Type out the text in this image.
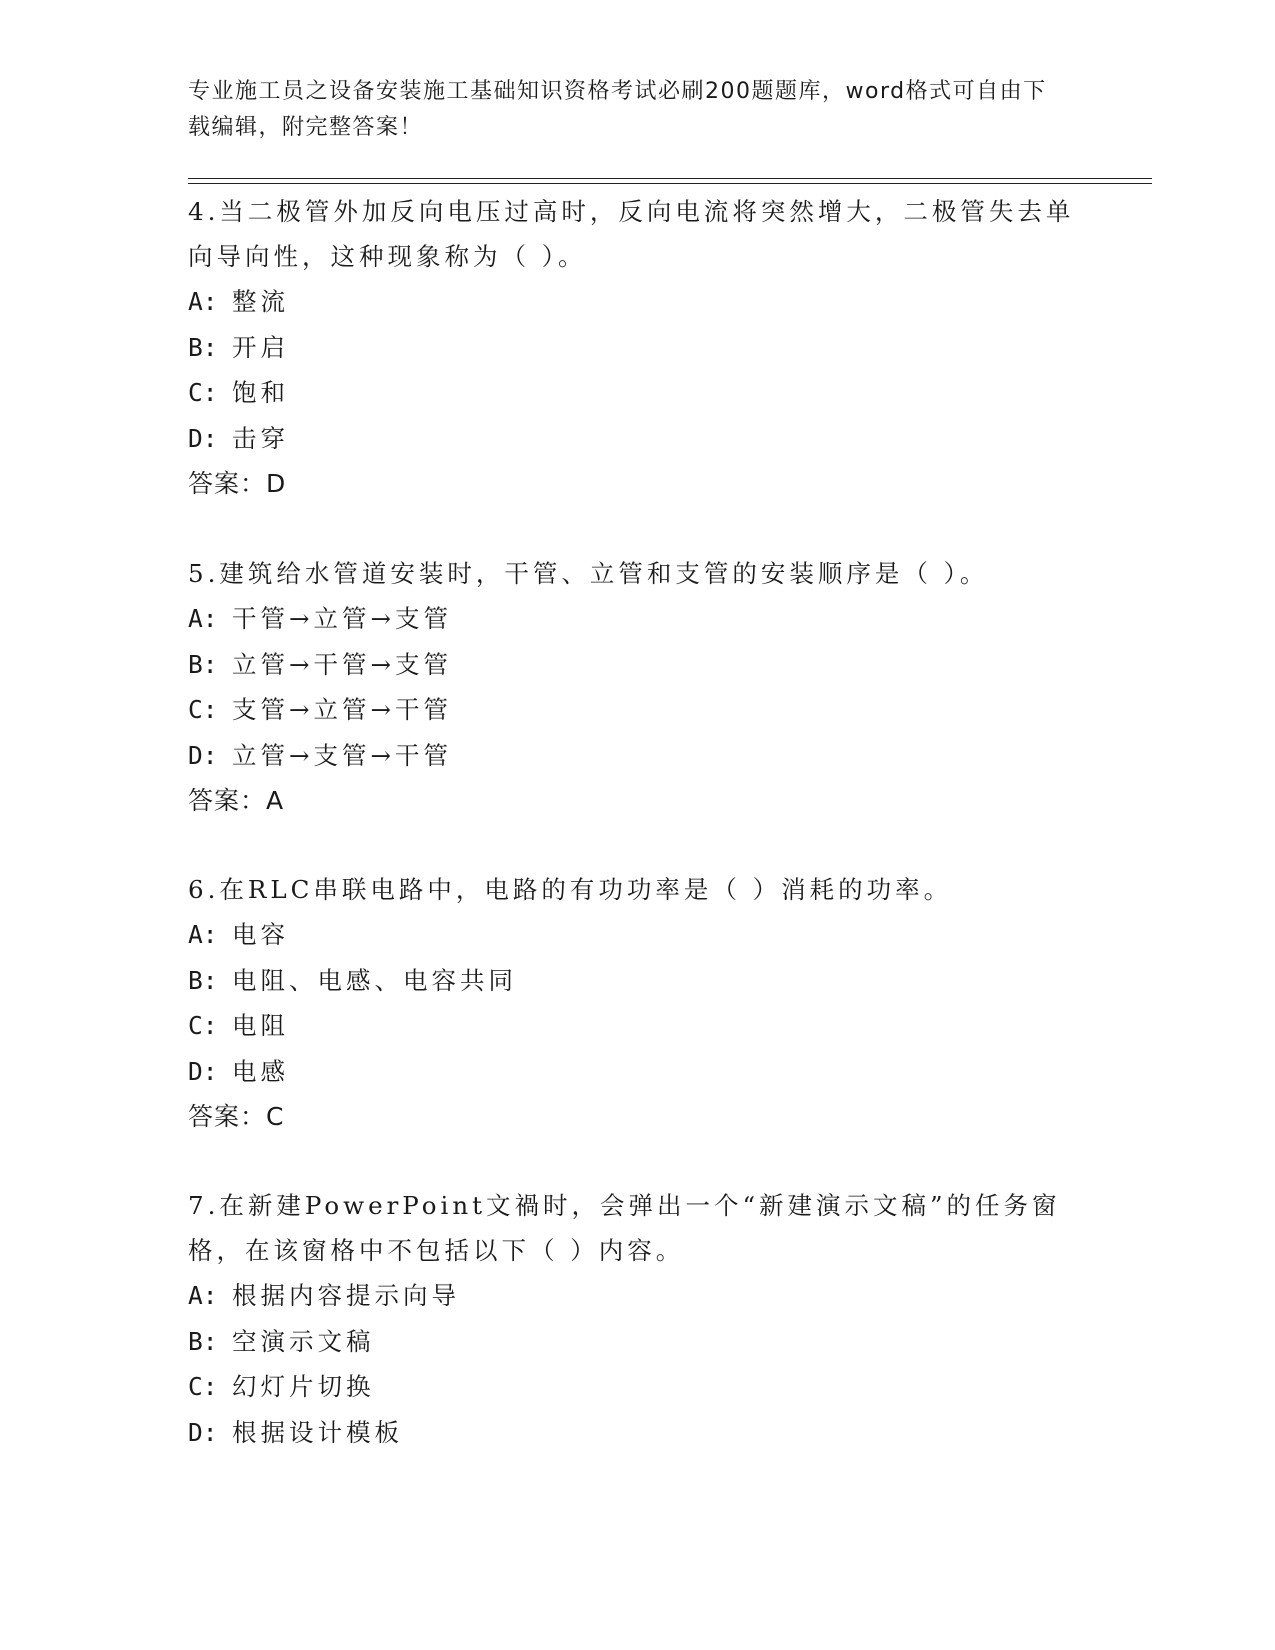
专业施工员之设备安装施工基础知识资格考试必刷200题题库，word格式可自由下载编辑，附完整答案！
4.当二极管外加反向电压过高时，反向电流将突然增大，二极管失去单向导向性，这种现象称为（ ）。
A: 整流
B: 开启
C: 饱和
D: 击穿
答案：D
5.建筑给水管道安装时，干管、立管和支管的安装顺序是（ ）。
A: 干管→立管→支管
B: 立管→干管→支管
C: 支管→立管→干管
D: 立管→支管→干管
答案：A
6.在RLC串联电路中，电路的有功功率是（ ）消耗的功率。
A: 电容
B: 电阻、电感、电容共同
C: 电阻
D: 电感
答案：C
7.在新建PowerPoint文禍时，会弹出一个“新建演示文稿”的任务窗格，在该窗格中不包括以下（ ）内容。
A: 根据内容提示向导
B: 空演示文稿
C: 幻灯片切换
D: 根据设计模板
